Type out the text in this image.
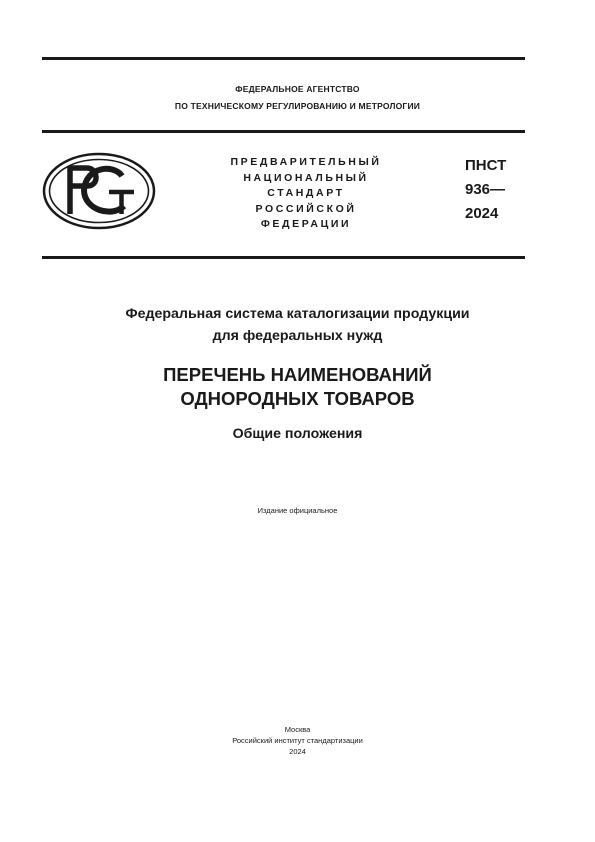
ФЕДЕРАЛЬНОЕ АГЕНТСТВО
ПО ТЕХНИЧЕСКОМУ РЕГУЛИРОВАНИЮ И МЕТРОЛОГИИ
ПРЕДВАРИТЕЛЬНЫЙ
НАЦИОНАЛЬНЫЙ
СТАНДАРТ
РОССИЙСКОЙ
ФЕДЕРАЦИИ
ПНСТ
936—
2024
Федеральная система каталогизации продукции
для федеральных нужд
ПЕРЕЧЕНЬ НАИМЕНОВАНИЙ
ОДНОРОДНЫХ ТОВАРОВ
Общие положения
Издание официальное
Москва
Российский институт стандартизации
2024
